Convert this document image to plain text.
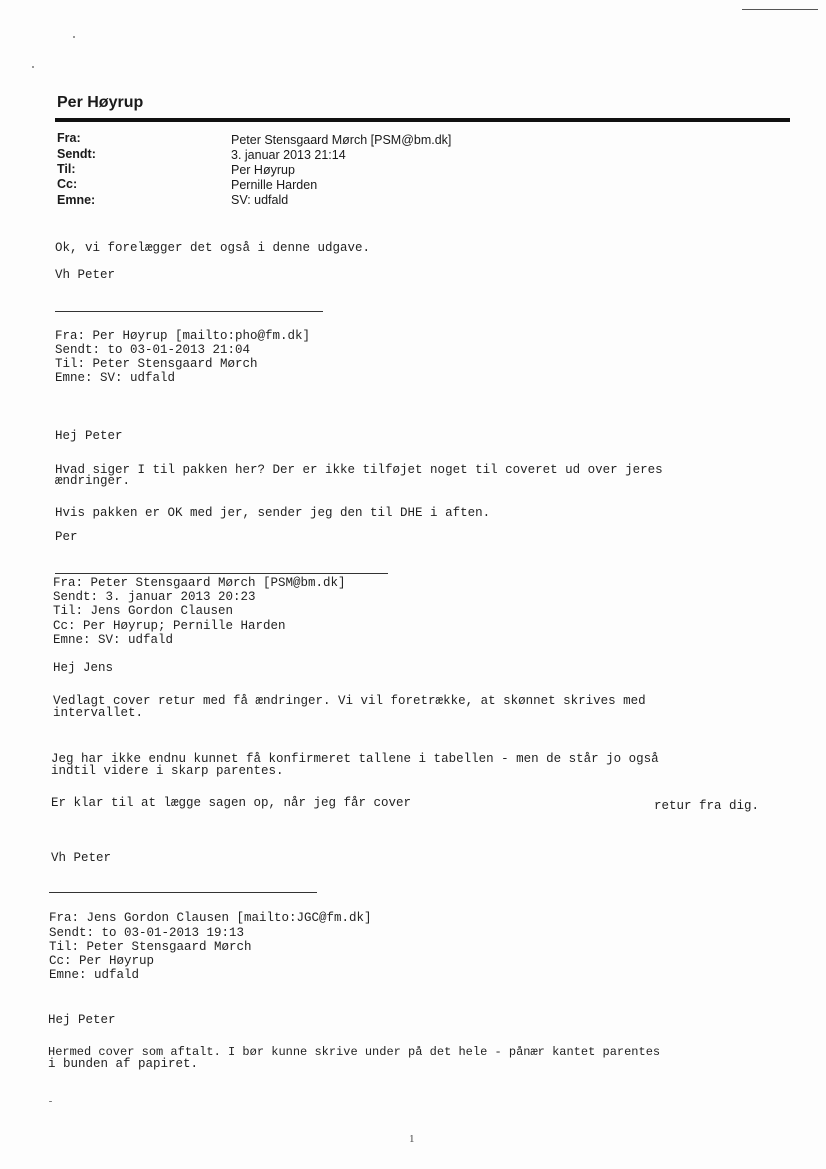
Per Høyrup
Fra:
Sendt:
Til:
Cc:
Emne:
Peter Stensgaard Mørch [PSM@bm.dk]
3. januar 2013 21:14
Per Høyrup
Pernille Harden
SV: udfald
Ok, vi forelægger det også i denne udgave.
Vh Peter
Fra: Per Høyrup [mailto:pho@fm.dk]
Sendt: to 03-01-2013 21:04
Til: Peter Stensgaard Mørch
Emne: SV: udfald
Hej Peter
Hvad siger I til pakken her? Der er ikke tilføjet noget til coveret ud over jeres
ændringer.
Hvis pakken er OK med jer, sender jeg den til DHE i aften.
Per
Fra: Peter Stensgaard Mørch [PSM@bm.dk]
Sendt: 3. januar 2013 20:23
Til: Jens Gordon Clausen
Cc: Per Høyrup; Pernille Harden
Emne: SV: udfald
Hej Jens
Vedlagt cover retur med få ændringer. Vi vil foretrække, at skønnet skrives med
intervallet.
Jeg har ikke endnu kunnet få konfirmeret tallene i tabellen - men de står jo også
indtil videre i skarp parentes.
Er klar til at lægge sagen op, når jeg får cover	retur fra dig.
Vh Peter
Fra: Jens Gordon Clausen [mailto:JGC@fm.dk]
Sendt: to 03-01-2013 19:13
Til: Peter Stensgaard Mørch
Cc: Per Høyrup
Emne: udfald
Hej Peter
Hermed cover som aftalt. I bør kunne skrive under på det hele - pånær kantet parentes
i bunden af papiret.
1
